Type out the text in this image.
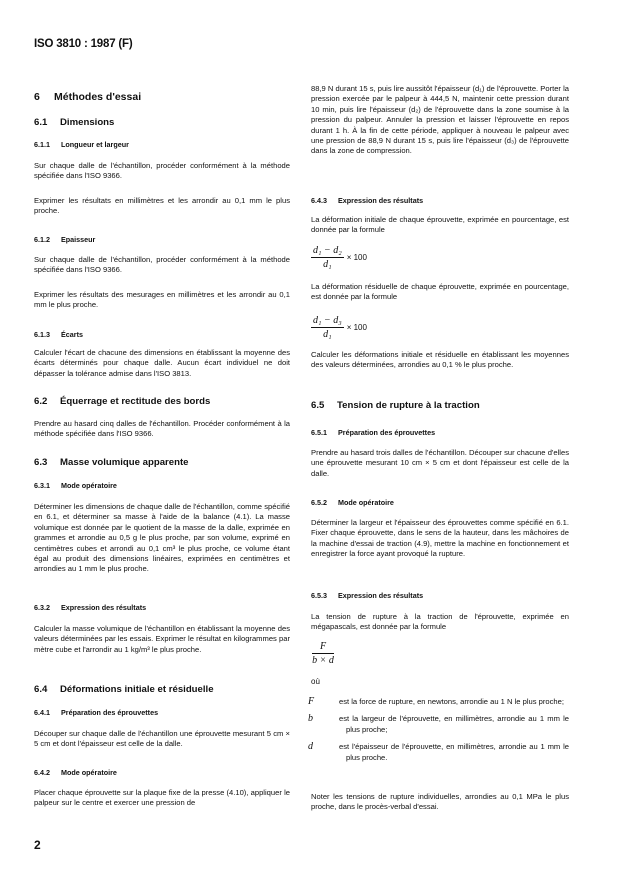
ISO 3810 : 1987 (F)
6 Méthodes d'essai
6.1 Dimensions
6.1.1 Longueur et largeur

Sur chaque dalle de l'échantillon, procéder conformément à la méthode spécifiée dans l'ISO 9366.

Exprimer les résultats en millimètres et les arrondir au 0,1 mm le plus proche.

6.1.2 Epaisseur

Sur chaque dalle de l'échantillon, procéder conformément à la méthode spécifiée dans l'ISO 9366.

Exprimer les résultats des mesurages en millimètres et les arrondir au 0,1 mm le plus proche.

6.1.3 Écarts

Calculer l'écart de chacune des dimensions en établissant la moyenne des écarts déterminés pour chaque dalle. Aucun écart individuel ne doit dépasser la tolérance admise dans l'ISO 3813.

6.2 Équerrage et rectitude des bords

Prendre au hasard cinq dalles de l'échantillon. Procéder conformément à la méthode spécifiée dans l'ISO 9366.

6.3 Masse volumique apparente
6.3.1 Mode opératoire

Déterminer les dimensions de chaque dalle de l'échantillon, comme spécifié en 6.1, et déterminer sa masse à l'aide de la balance (4.1). La masse volumique est donnée par le quotient de la masse de la dalle, exprimée en grammes et arrondie au 0,5 g le plus proche, par son volume, exprimé en centimètres cubes et arrondi au 0,1 cm³ le plus proche, ce volume étant égal au produit des dimensions linéaires, exprimées en centimètres et arrondies au 1 mm le plus proche.

6.3.2 Expression des résultats

Calculer la masse volumique de l'échantillon en établissant la moyenne des valeurs déterminées par les essais. Exprimer le résultat en kilogrammes par mètre cube et l'arrondir au 1 kg/m³ le plus proche.

6.4 Déformations initiale et résiduelle
6.4.1 Préparation des éprouvettes

Découper sur chaque dalle de l'échantillon une éprouvette mesurant 5 cm × 5 cm et dont l'épaisseur est celle de la dalle.

6.4.2 Mode opératoire

Placer chaque éprouvette sur la plaque fixe de la presse (4.10), appliquer le palpeur sur le centre et exercer une pression de

88,9 N durant 15 s, puis lire aussitôt l'épaisseur (d₁) de l'éprouvette. Porter la pression exercée par le palpeur à 444,5 N, maintenir cette pression durant 10 min, puis lire l'épaisseur (d₂) de l'éprouvette dans la zone soumise à la pression du palpeur. Annuler la pression et laisser l'éprouvette en repos durant 1 h. À la fin de cette période, appliquer à nouveau le palpeur avec une pression de 88,9 N durant 15 s, puis lire l'épaisseur (d₃) de l'éprouvette dans la zone de compression.

6.4.3 Expression des résultats

La déformation initiale de chaque éprouvette, exprimée en pourcentage, est donnée par la formule

$\frac{\text{d₁ − d₂}}{\text{d₁}} \times 100$

La déformation résiduelle de chaque éprouvette, exprimée en pourcentage, est donnée par la formule

$\frac{\text{d₁ − d₃}}{\text{d₁}} \times 100$

Calculer les déformations initiale et résiduelle en établissant les moyennes des valeurs déterminées, arrondies au 0,1 % le plus proche.

6.5 Tension de rupture à la traction
6.5.1 Préparation des éprouvettes

Prendre au hasard trois dalles de l'échantillon. Découper sur chacune d'elles une éprouvette mesurant 10 cm × 5 cm et dont l'épaisseur est celle de la dalle.

6.5.2 Mode opératoire

Déterminer la largeur et l'épaisseur des éprouvettes comme spécifié en 6.1. Fixer chaque éprouvette, dans le sens de la hauteur, dans les mâchoires de la machine d'essai de traction (4.9), mettre la machine en fonctionnement et enregistrer la force ayant provoqué la rupture.

6.5.3 Expression des résultats

La tension de rupture à la traction de l'éprouvette, exprimée en mégapascals, est donnée par la formule

$\frac{F}{b \times d}$
où

F	est la force de rupture, en newtons, arrondie au 1 N le plus proche;

b	est la largeur de l'éprouvette, en millimètres, arrondie au 1 mm le plus proche;

d	est l'épaisseur de l'éprouvette, en millimètres, arrondie au 1 mm le plus proche.

Noter les tensions de rupture individuelles, arrondies au 0,1 MPa le plus proche, dans le procès-verbal d'essai.

2
